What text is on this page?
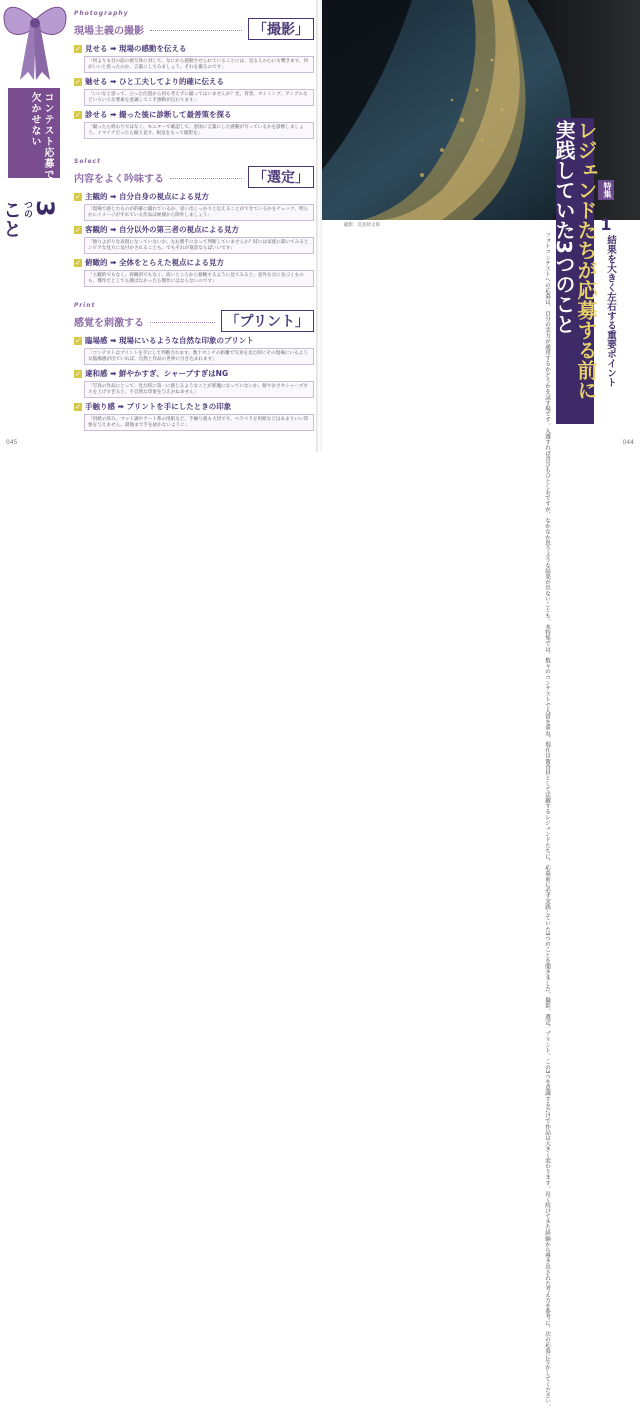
コンテスト応募で
欠かせない
3
つの
こと
Photography
現場主義の撮影	「撮影」
✓ 見せる ➡ 現場の感動を伝える
「何よりも目の前の被写体に対して、なにから感動させられていることには、見る人の心にも響きます。何がいいと思ったのか、言葉にしてみましょう。それを撮るのです」
✓ 魅せる ➡ ひと工夫してより的確に伝える
「いいなと思って、立った位置から何も考えずに撮ってはいませんか？光、背景、タイミング、アングルなどいろいろな要素を意識してこそ感動が伝わります」
✓ 診せる ➡ 撮った後に診断して最善策を探る
「撮ったら終わりではなく、モニターで確認して、意図に言葉にした感動が写っているかを診断しましょう。イマイチだったら撮り直す。根気をもって撮影を」
Select
内容をよく吟味する	「選定」
✓ 主観的 ➡ 自分自身の視点による見方
「現場で感じたものが的確に撮れているか、思い出しっかりと伝えることができているかをチェック。明らかにイメージがずれている作品は候補から除外しましょう」
✓ 客観的 ➡ 自分以外の第三者の視点による見方
「独りよがりな表現になっていないか、左右勝手になって判断していませんか？時には家族に聞いてみるとシビアな見方に気付かされることも。でもそれが寛容ならばいいです」
✓ 俯瞰的 ➡ 全体をとらえた視点による見方
「主観的でもなく、客観的でもなく、高いところから俯瞰するように見てみると、意外な点に気づくものも。傑作だとしても選ばなかったら傑作にはならないのです」
Print
感覚を刺激する	「プリント」
✓ 臨場感 ➡ 現場にいるような自然な印象のプリント
「コンテストはプリントを手にして判断されます。数十センチの距離で写真を見た時にその現場にいるような臨場感が出ていれば、自然と作品の世界に引き込まれます」
✓ 違和感 ➡ 鮮やかすぎ、シャープすぎはNG
「写真の作品にとって、見た時に第一に感じるようなことが邪魔になっていないか。鮮やかさやシャープネスを上げすぎると、不自然な印象を与えかねません」
✓ 手触り感 ➡ プリントを手にしたときの印象
「用紙の厚み、マット調やアート系の用紙など、手触り感も大切です。ペラペラな用紙などはあまりいい印象を与えません。最後まで手を抜かないように」
045
撮影：荒島智太郎
044
レジェンドたちが応募する前に
実践していた3つのこと	特集
1
結果を大きく左右する重要ポイント
フォトコンテストへの応募は、自分の実力が通用するかどうかを試す場です。入選すれば喜びもひとしおですが、なかなか思うような結果が出ないことも。本特集では、数々のコンテストで入賞を重ね、現在は審査員として活躍するレジェンドたちに、応募前に必ず実践していた3つのことを聞きました。撮影、選定、プリント。この3つを意識するだけで作品は大きく変わります。長く続けてきた経験から導き出された考え方を参考に、次の応募に生かしてください。
